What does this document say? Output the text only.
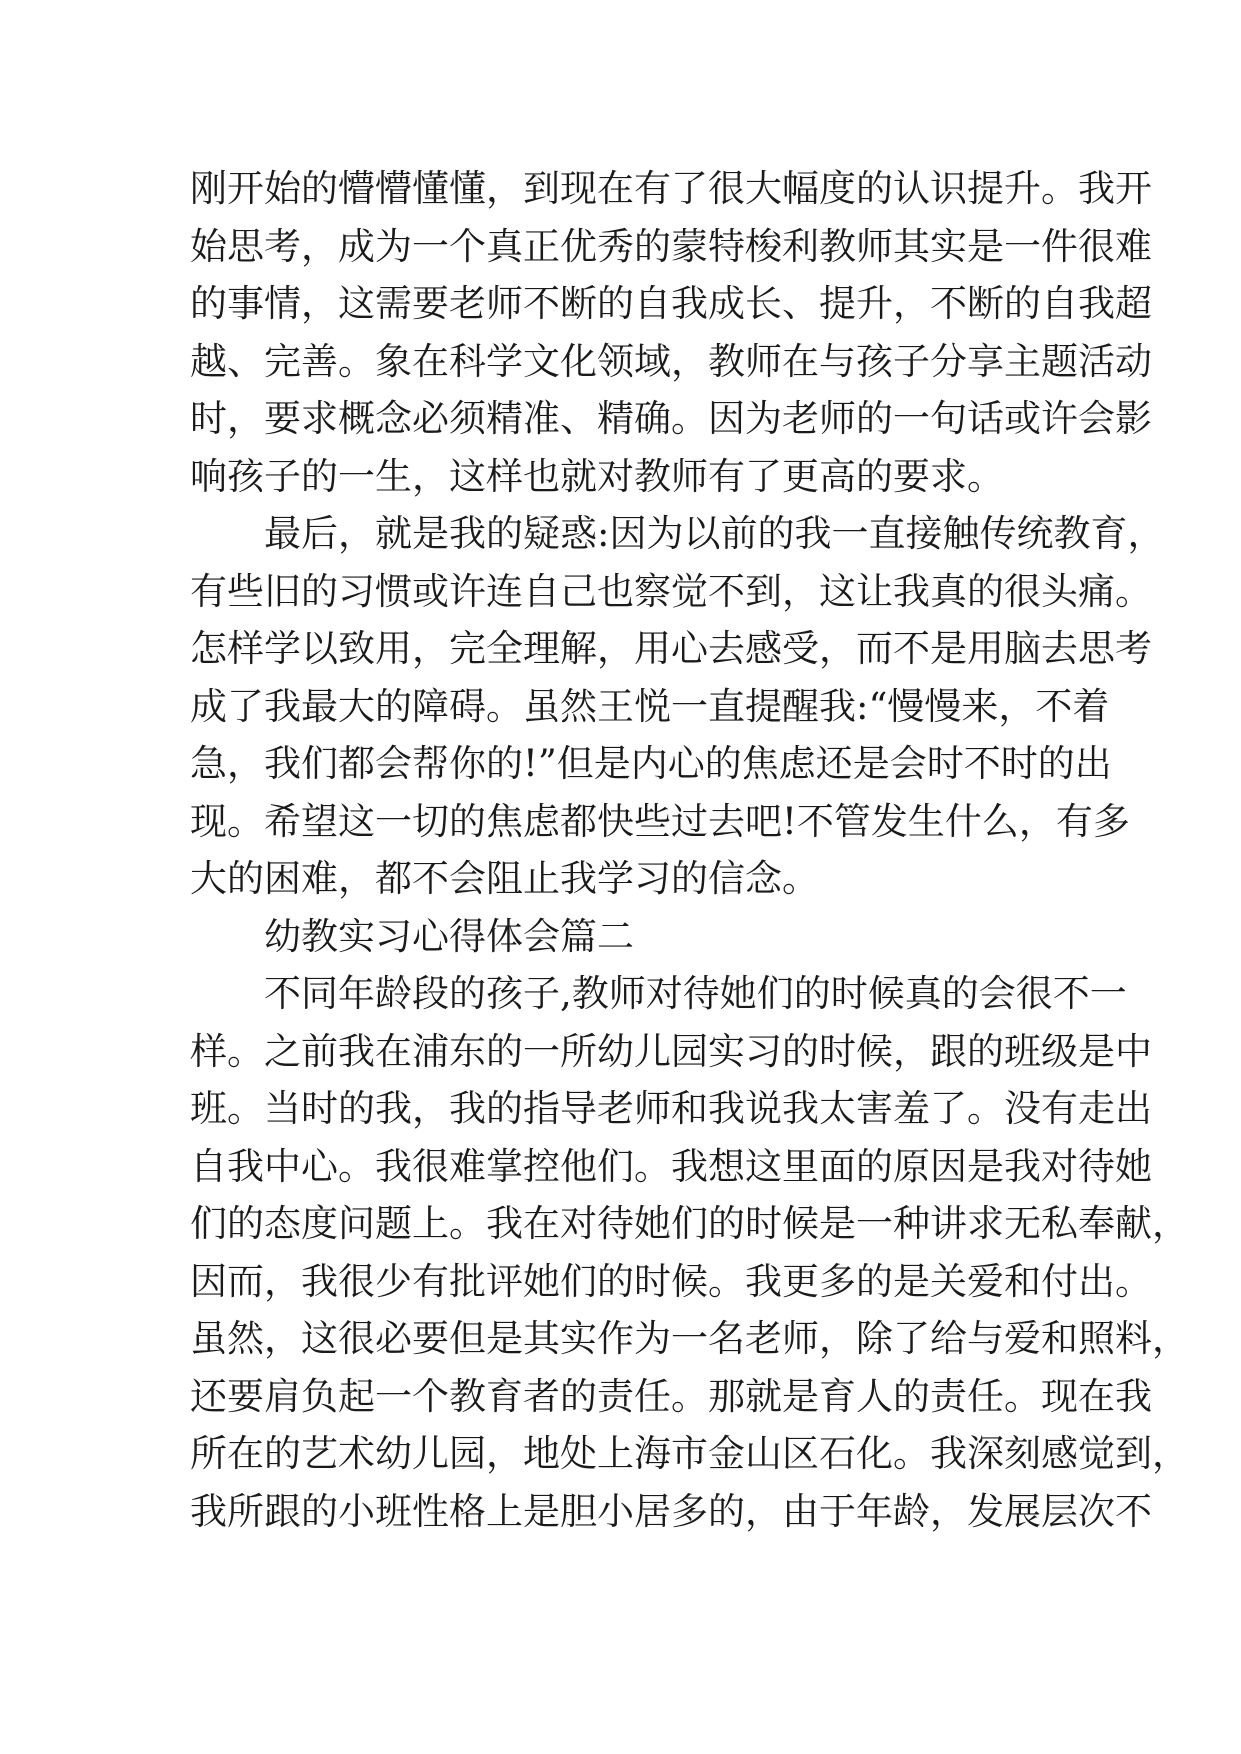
刚开始的懵懵懂懂，到现在有了很大幅度的认识提升。我开
始思考，成为一个真正优秀的蒙特梭利教师其实是一件很难
的事情，这需要老师不断的自我成长、提升，不断的自我超
越、完善。象在科学文化领域，教师在与孩子分享主题活动
时，要求概念必须精准、精确。因为老师的一句话或许会影
响孩子的一生，这样也就对教师有了更高的要求。
最后，就是我的疑惑:因为以前的我一直接触传统教育，
有些旧的习惯或许连自己也察觉不到，这让我真的很头痛。
怎样学以致用，完全理解，用心去感受，而不是用脑去思考
成了我最大的障碍。虽然王悦一直提醒我:“慢慢来，不着
急，我们都会帮你的!”但是内心的焦虑还是会时不时的出
现。希望这一切的焦虑都快些过去吧!不管发生什么，有多
大的困难，都不会阻止我学习的信念。
幼教实习心得体会篇二
不同年龄段的孩子,教师对待她们的时候真的会很不一
样。之前我在浦东的一所幼儿园实习的时候，跟的班级是中
班。当时的我，我的指导老师和我说我太害羞了。没有走出
自我中心。我很难掌控他们。我想这里面的原因是我对待她
们的态度问题上。我在对待她们的时候是一种讲求无私奉献，
因而，我很少有批评她们的时候。我更多的是关爱和付出。
虽然，这很必要但是其实作为一名老师，除了给与爱和照料，
还要肩负起一个教育者的责任。那就是育人的责任。现在我
所在的艺术幼儿园，地处上海市金山区石化。我深刻感觉到，
我所跟的小班性格上是胆小居多的，由于年龄，发展层次不
